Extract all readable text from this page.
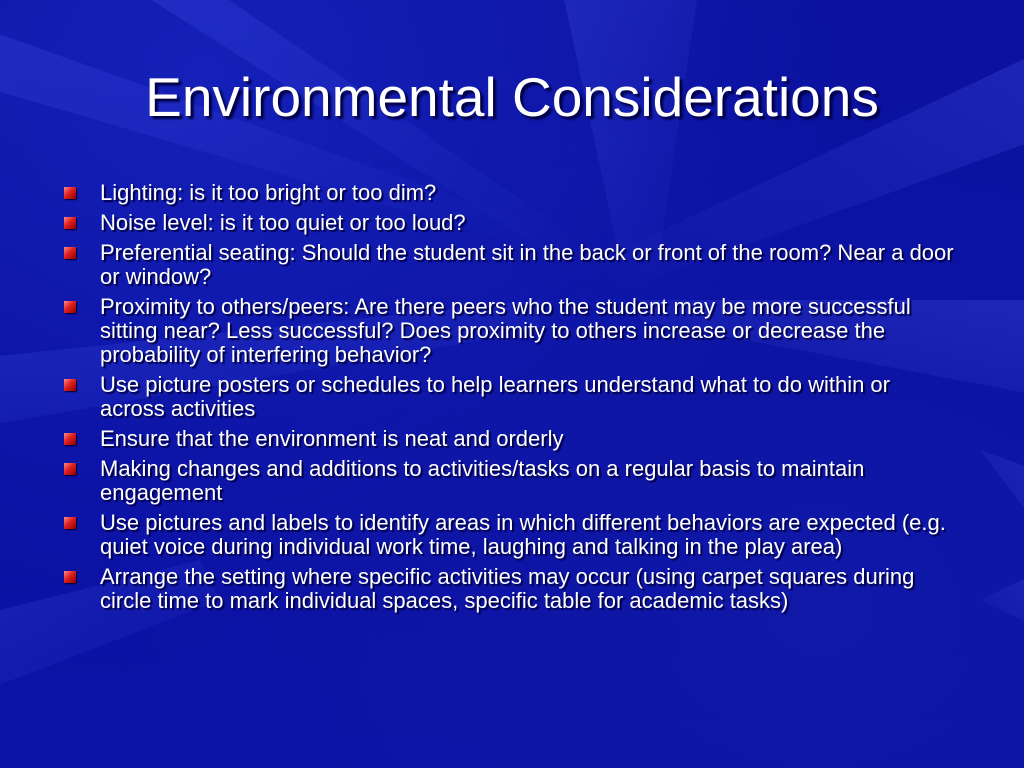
Environmental Considerations
Lighting: is it too bright or too dim?
Noise level: is it too quiet or too loud?
Preferential seating: Should the student sit in the back or front of the room? Near a door or window?
Proximity to others/peers: Are there peers who the student may be more successful sitting near? Less successful? Does proximity to others increase or decrease the probability of interfering behavior?
Use picture posters or schedules to help learners understand what to do within or across activities
Ensure that the environment is neat and orderly
Making changes and additions to activities/tasks on a regular basis to maintain engagement
Use pictures and labels to identify areas in which different behaviors are expected (e.g. quiet voice during individual work time, laughing and talking in the play area)
Arrange the setting where specific activities may occur (using carpet squares during circle time to mark individual spaces, specific table for academic tasks)
